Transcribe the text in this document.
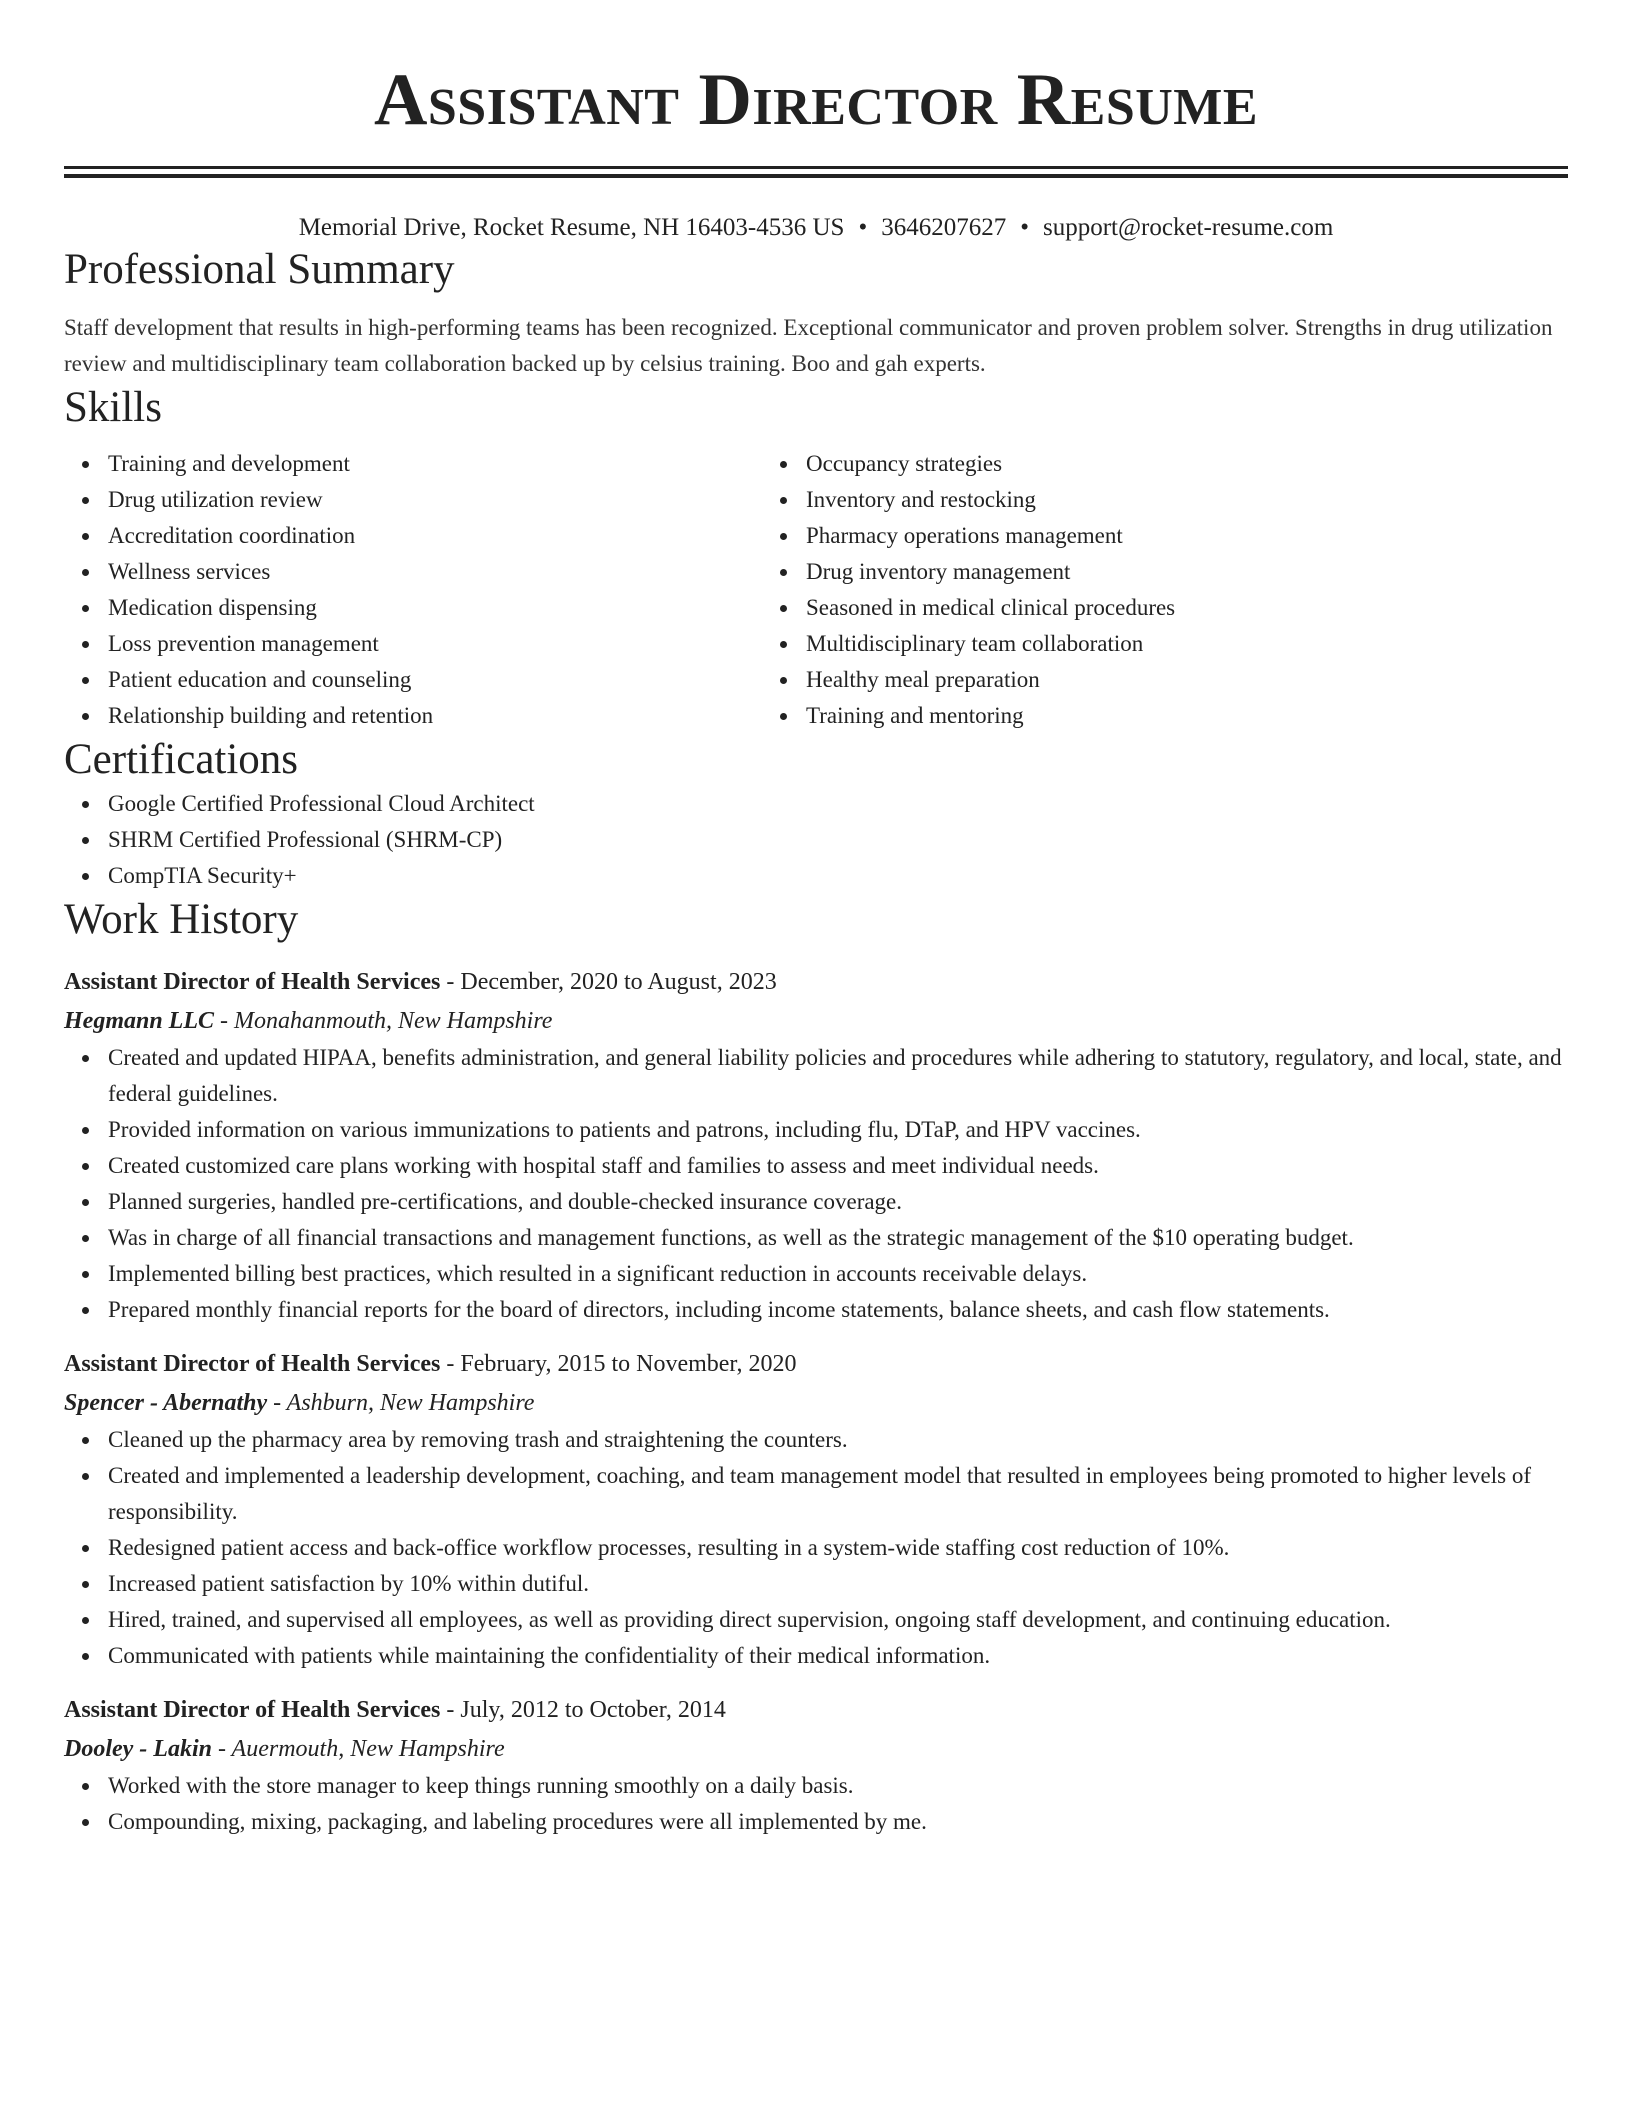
Assistant Director Resume
Memorial Drive, Rocket Resume, NH 16403-4536 US • 3646207627 • support@rocket-resume.com
Professional Summary
Staff development that results in high-performing teams has been recognized. Exceptional communicator and proven problem solver. Strengths in drug utilization review and multidisciplinary team collaboration backed up by celsius training. Boo and gah experts.
Skills
Training and development
Drug utilization review
Accreditation coordination
Wellness services
Medication dispensing
Loss prevention management
Patient education and counseling
Relationship building and retention
Occupancy strategies
Inventory and restocking
Pharmacy operations management
Drug inventory management
Seasoned in medical clinical procedures
Multidisciplinary team collaboration
Healthy meal preparation
Training and mentoring
Certifications
Google Certified Professional Cloud Architect
SHRM Certified Professional (SHRM-CP)
CompTIA Security+
Work History
Assistant Director of Health Services - December, 2020 to August, 2023
Hegmann LLC - Monahanmouth, New Hampshire
Created and updated HIPAA, benefits administration, and general liability policies and procedures while adhering to statutory, regulatory, and local, state, and federal guidelines.
Provided information on various immunizations to patients and patrons, including flu, DTaP, and HPV vaccines.
Created customized care plans working with hospital staff and families to assess and meet individual needs.
Planned surgeries, handled pre-certifications, and double-checked insurance coverage.
Was in charge of all financial transactions and management functions, as well as the strategic management of the $10 operating budget.
Implemented billing best practices, which resulted in a significant reduction in accounts receivable delays.
Prepared monthly financial reports for the board of directors, including income statements, balance sheets, and cash flow statements.
Assistant Director of Health Services - February, 2015 to November, 2020
Spencer - Abernathy - Ashburn, New Hampshire
Cleaned up the pharmacy area by removing trash and straightening the counters.
Created and implemented a leadership development, coaching, and team management model that resulted in employees being promoted to higher levels of responsibility.
Redesigned patient access and back-office workflow processes, resulting in a system-wide staffing cost reduction of 10%.
Increased patient satisfaction by 10% within dutiful.
Hired, trained, and supervised all employees, as well as providing direct supervision, ongoing staff development, and continuing education.
Communicated with patients while maintaining the confidentiality of their medical information.
Assistant Director of Health Services - July, 2012 to October, 2014
Dooley - Lakin - Auermouth, New Hampshire
Worked with the store manager to keep things running smoothly on a daily basis.
Compounding, mixing, packaging, and labeling procedures were all implemented by me.
